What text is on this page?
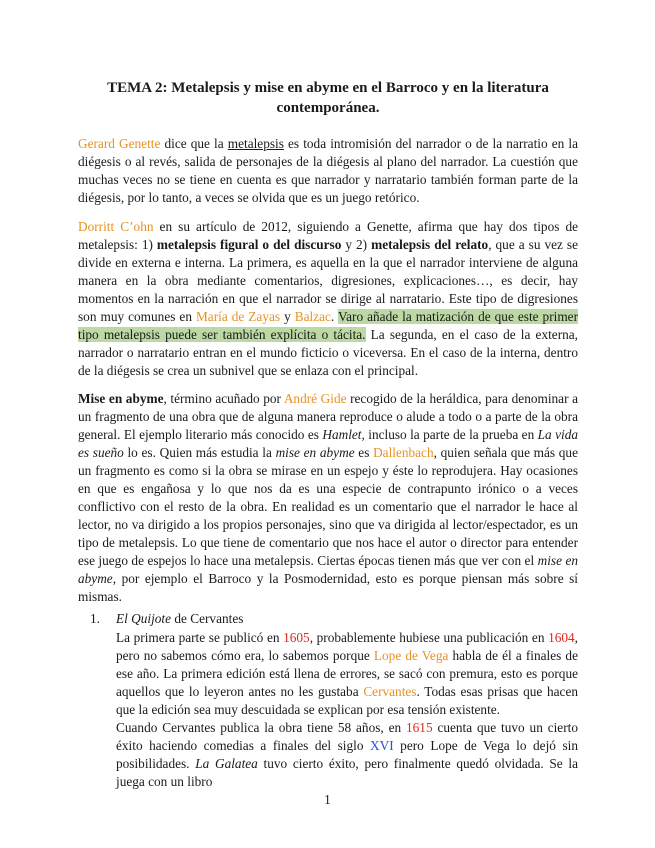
TEMA 2: Metalepsis y mise en abyme en el Barroco y en la literatura
contemporánea.
Gerard Genette dice que la metalepsis es toda intromisión del narrador o de la narratio en la diégesis o al revés, salida de personajes de la diégesis al plano del narrador. La cuestión que muchas veces no se tiene en cuenta es que narrador y narratario también forman parte de la diégesis, por lo tanto, a veces se olvida que es un juego retórico.
Dorritt C’ohn en su artículo de 2012, siguiendo a Genette, afirma que hay dos tipos de metalepsis: 1) metalepsis figural o del discurso y 2) metalepsis del relato, que a su vez se divide en externa e interna. La primera, es aquella en la que el narrador interviene de alguna manera en la obra mediante comentarios, digresiones, explicaciones…, es decir, hay momentos en la narración en que el narrador se dirige al narratario. Este tipo de digresiones son muy comunes en María de Zayas y Balzac. Varo añade la matización de que este primer tipo metalepsis puede ser también explícita o tácita. La segunda, en el caso de la externa, narrador o narratario entran en el mundo ficticio o viceversa. En el caso de la interna, dentro de la diégesis se crea un subnivel que se enlaza con el principal.
Mise en abyme, término acuñado por André Gide recogido de la heráldica, para denominar a un fragmento de una obra que de alguna manera reproduce o alude a todo o a parte de la obra general. El ejemplo literario más conocido es Hamlet, incluso la parte de la prueba en La vida es sueño lo es. Quien más estudia la mise en abyme es Dallenbach, quien señala que más que un fragmento es como si la obra se mirase en un espejo y éste lo reprodujera. Hay ocasiones en que es engañosa y lo que nos da es una especie de contrapunto irónico o a veces conflictivo con el resto de la obra. En realidad es un comentario que el narrador le hace al lector, no va dirigido a los propios personajes, sino que va dirigida al lector/espectador, es un tipo de metalepsis. Lo que tiene de comentario que nos hace el autor o director para entender ese juego de espejos lo hace una metalepsis. Ciertas épocas tienen más que ver con el mise en abyme, por ejemplo el Barroco y la Posmodernidad, esto es porque piensan más sobre sí mismas.
1. El Quijote de Cervantes
La primera parte se publicó en 1605, probablemente hubiese una publicación en 1604, pero no sabemos cómo era, lo sabemos porque Lope de Vega habla de él a finales de ese año. La primera edición está llena de errores, se sacó con premura, esto es porque aquellos que lo leyeron antes no les gustaba Cervantes. Todas esas prisas que hacen que la edición sea muy descuidada se explican por esa tensión existente.
Cuando Cervantes publica la obra tiene 58 años, en 1615 cuenta que tuvo un cierto éxito haciendo comedias a finales del siglo XVI pero Lope de Vega lo dejó sin posibilidades. La Galatea tuvo cierto éxito, pero finalmente quedó olvidada. Se la juega con un libro
1
